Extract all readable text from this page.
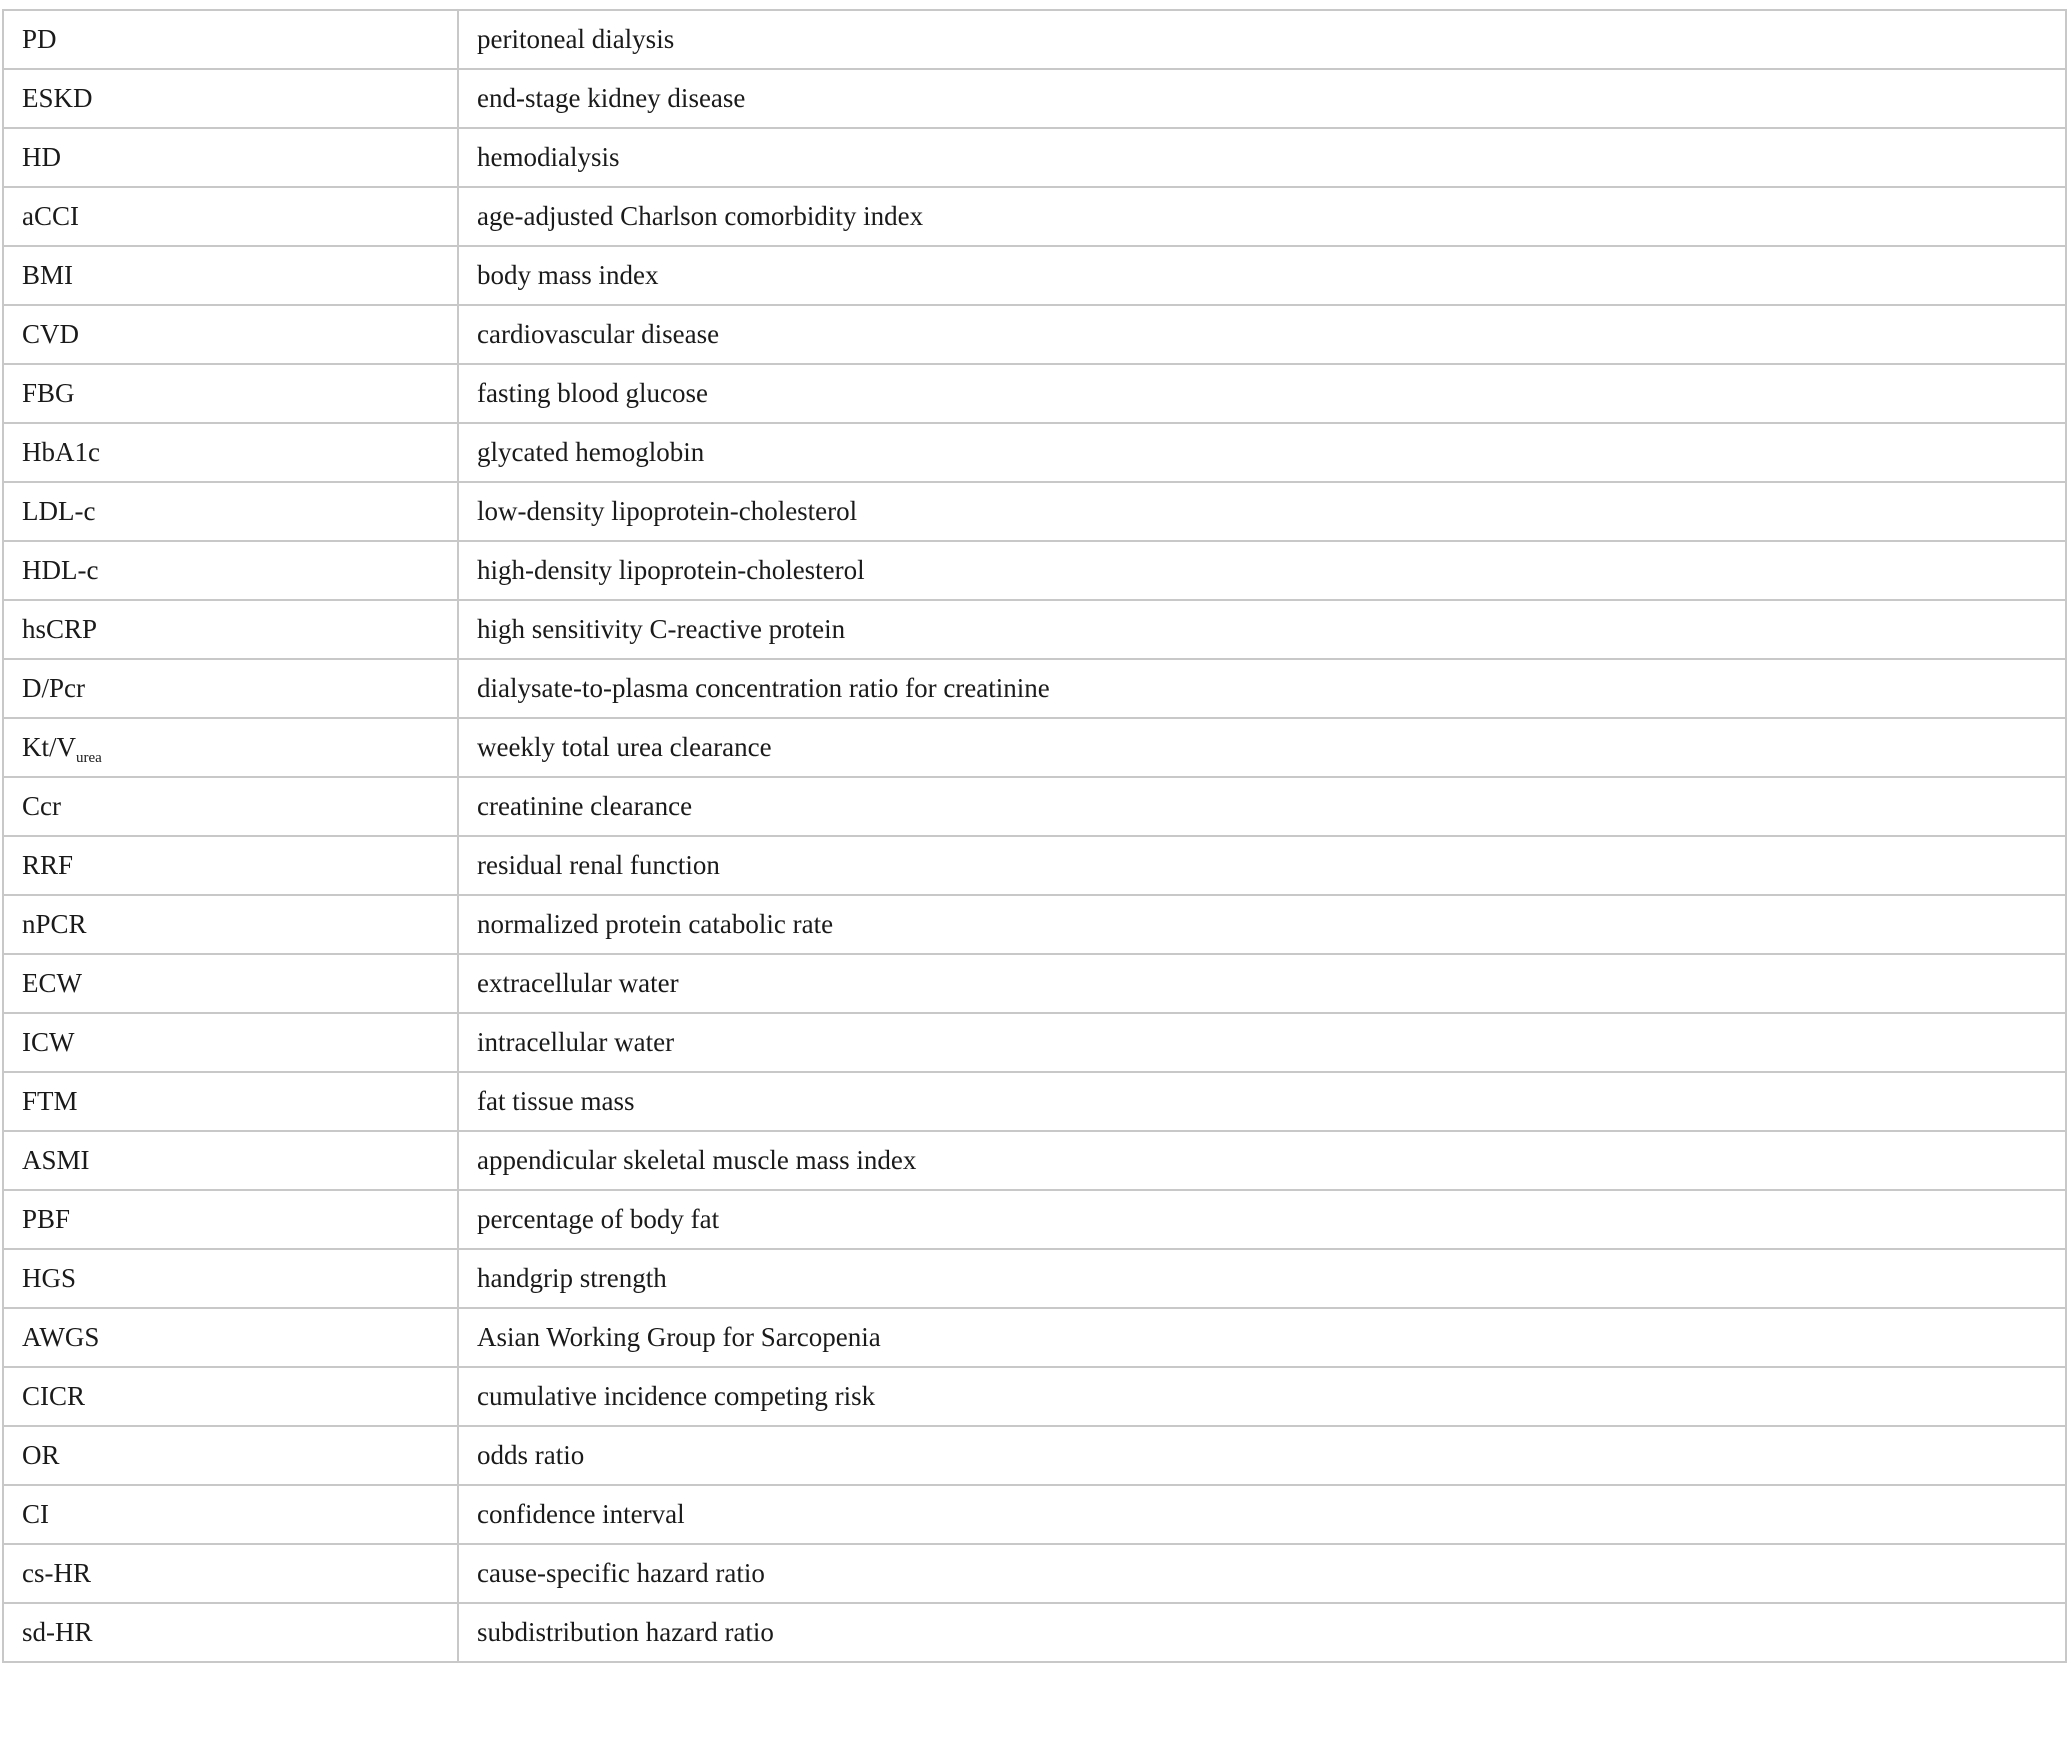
PD	peritoneal dialysis
ESKD	end-stage kidney disease
HD	hemodialysis
aCCI	age-adjusted Charlson comorbidity index
BMI	body mass index
CVD	cardiovascular disease
FBG	fasting blood glucose
HbA1c	glycated hemoglobin
LDL-c	low-density lipoprotein-cholesterol
HDL-c	high-density lipoprotein-cholesterol
hsCRP	high sensitivity C-reactive protein
D/Pcr	dialysate-to-plasma concentration ratio for creatinine
$Kt/V_{urea}$	weekly total urea clearance
Ccr	creatinine clearance
RRF	residual renal function
nPCR	normalized protein catabolic rate
ECW	extracellular water
ICW	intracellular water
FTM	fat tissue mass
ASMI	appendicular skeletal muscle mass index
PBF	percentage of body fat
HGS	handgrip strength
AWGS	Asian Working Group for Sarcopenia
CICR	cumulative incidence competing risk
OR	odds ratio
CI	confidence interval
cs-HR	cause-specific hazard ratio
sd-HR	subdistribution hazard ratio
